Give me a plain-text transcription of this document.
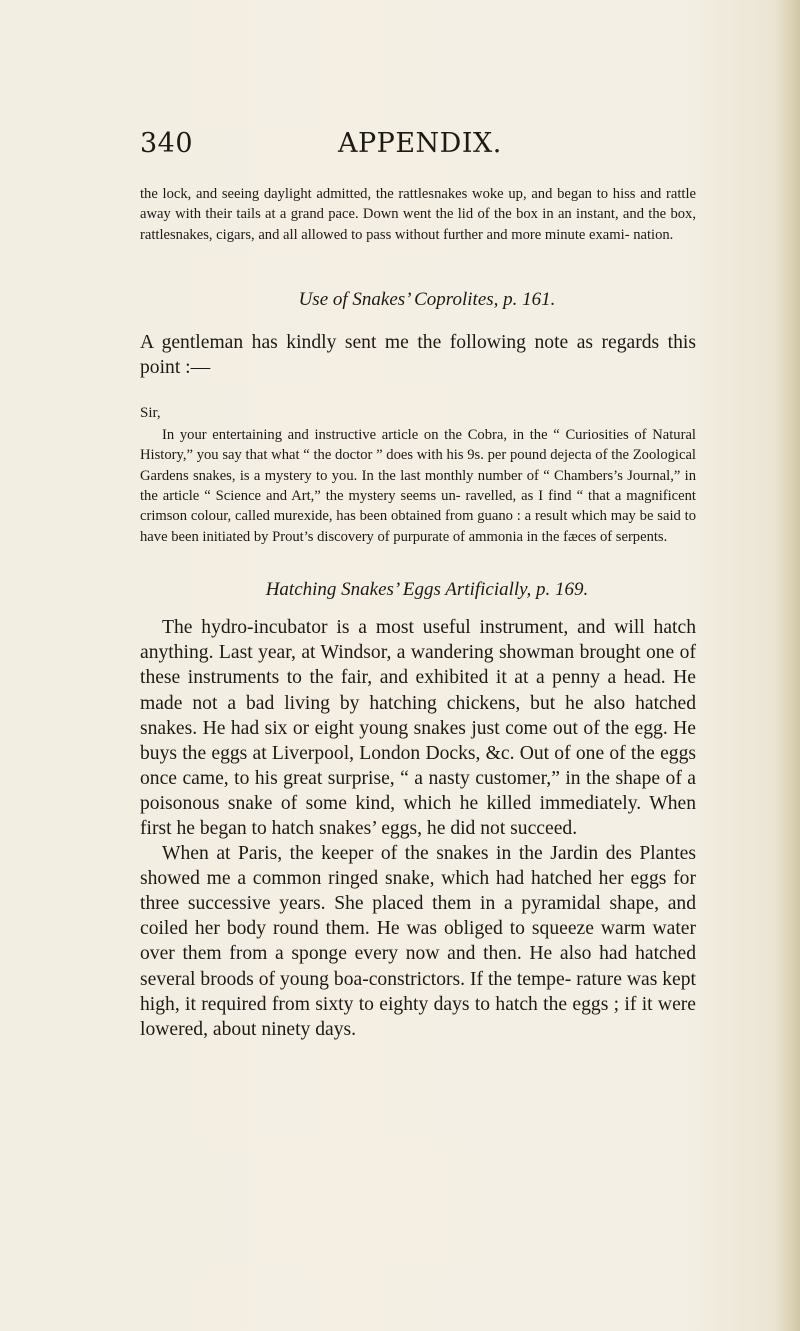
340	APPENDIX.

the lock, and seeing daylight admitted, the rattlesnakes woke up, and began to hiss and rattle away with their tails at a grand pace. Down went the lid of the box in an instant, and the box, rattlesnakes, cigars, and all allowed to pass without further and more minute exami- nation.

Use of Snakes’ Coprolites, p. 161.

A gentleman has kindly sent me the following note as regards this point :—

Sir,

In your entertaining and instructive article on the Cobra, in the “ Curiosities of Natural History,” you say that what “ the doctor ” does with his 9s. per pound dejecta of the Zoological Gardens snakes, is a mystery to you. In the last monthly number of “ Chambers’s Journal,” in the article “ Science and Art,” the mystery seems un- ravelled, as I find “ that a magnificent crimson colour, called murexide, has been obtained from guano : a result which may be said to have been initiated by Prout’s discovery of purpurate of ammonia in the fæces of serpents.

Hatching Snakes’ Eggs Artificially, p. 169.

The hydro-incubator is a most useful instrument, and will hatch anything. Last year, at Windsor, a wandering showman brought one of these instruments to the fair, and exhibited it at a penny a head. He made not a bad living by hatching chickens, but he also hatched snakes. He had six or eight young snakes just come out of the egg. He buys the eggs at Liverpool, London Docks, &c. Out of one of the eggs once came, to his great surprise, “ a nasty customer,” in the shape of a poisonous snake of some kind, which he killed immediately. When first he began to hatch snakes’ eggs, he did not succeed.

When at Paris, the keeper of the snakes in the Jardin des Plantes showed me a common ringed snake, which had hatched her eggs for three successive years. She placed them in a pyramidal shape, and coiled her body round them. He was obliged to squeeze warm water over them from a sponge every now and then. He also had hatched several broods of young boa-constrictors. If the tempe- rature was kept high, it required from sixty to eighty days to hatch the eggs ; if it were lowered, about ninety days.
